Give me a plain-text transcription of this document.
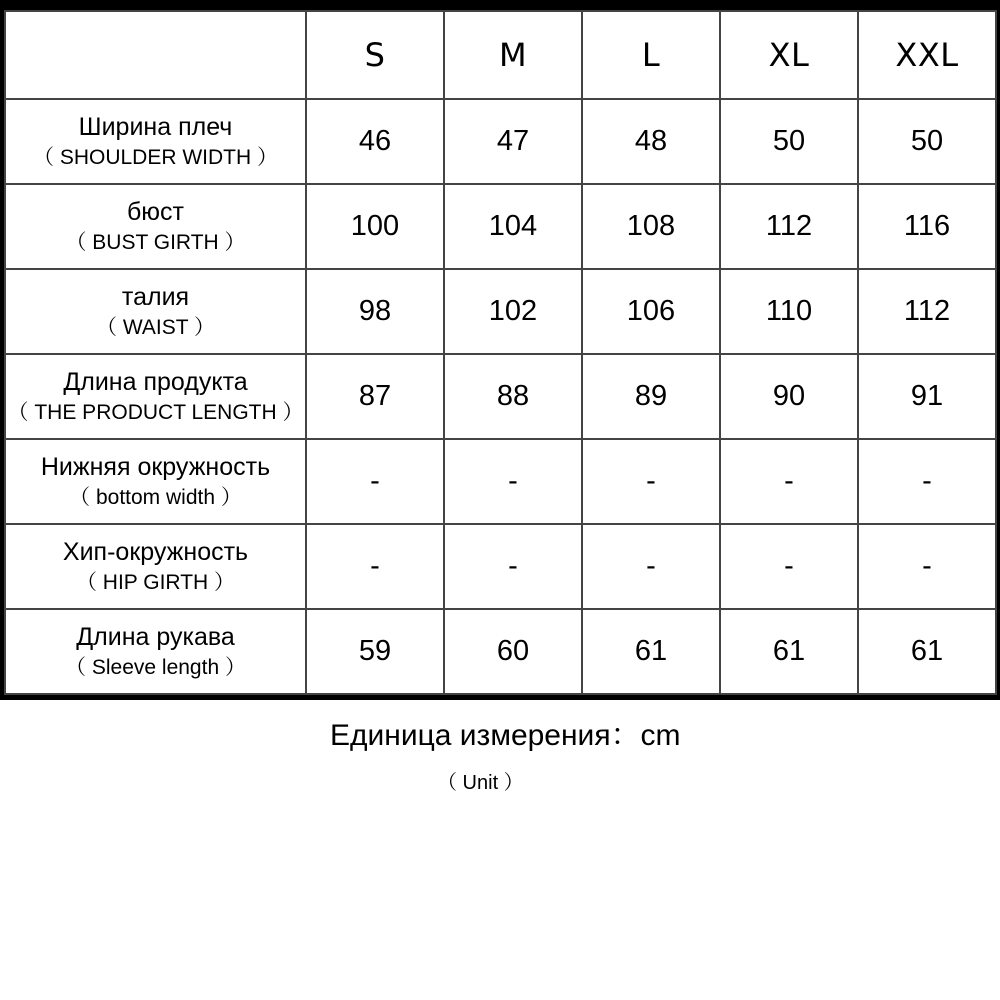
	S	M	L	XL	XXL

Ширина плеч
（ SHOULDER WIDTH ）	46	47	48	50	50

бюст
（ BUST GIRTH ）	100	104	108	112	116

талия
（ WAIST ）	98	102	106	110	112

Длина продукта
（ THE PRODUCT LENGTH ）	87	88	89	90	91

Нижняя окружность
（ bottom width ）	-	-	-	-	-

Хип-окружность
（ HIP GIRTH ）	-	-	-	-	-

Длина рукава
（ Sleeve length ）	59	60	61	61	61
Единица измерения：cm
（ Unit ）
